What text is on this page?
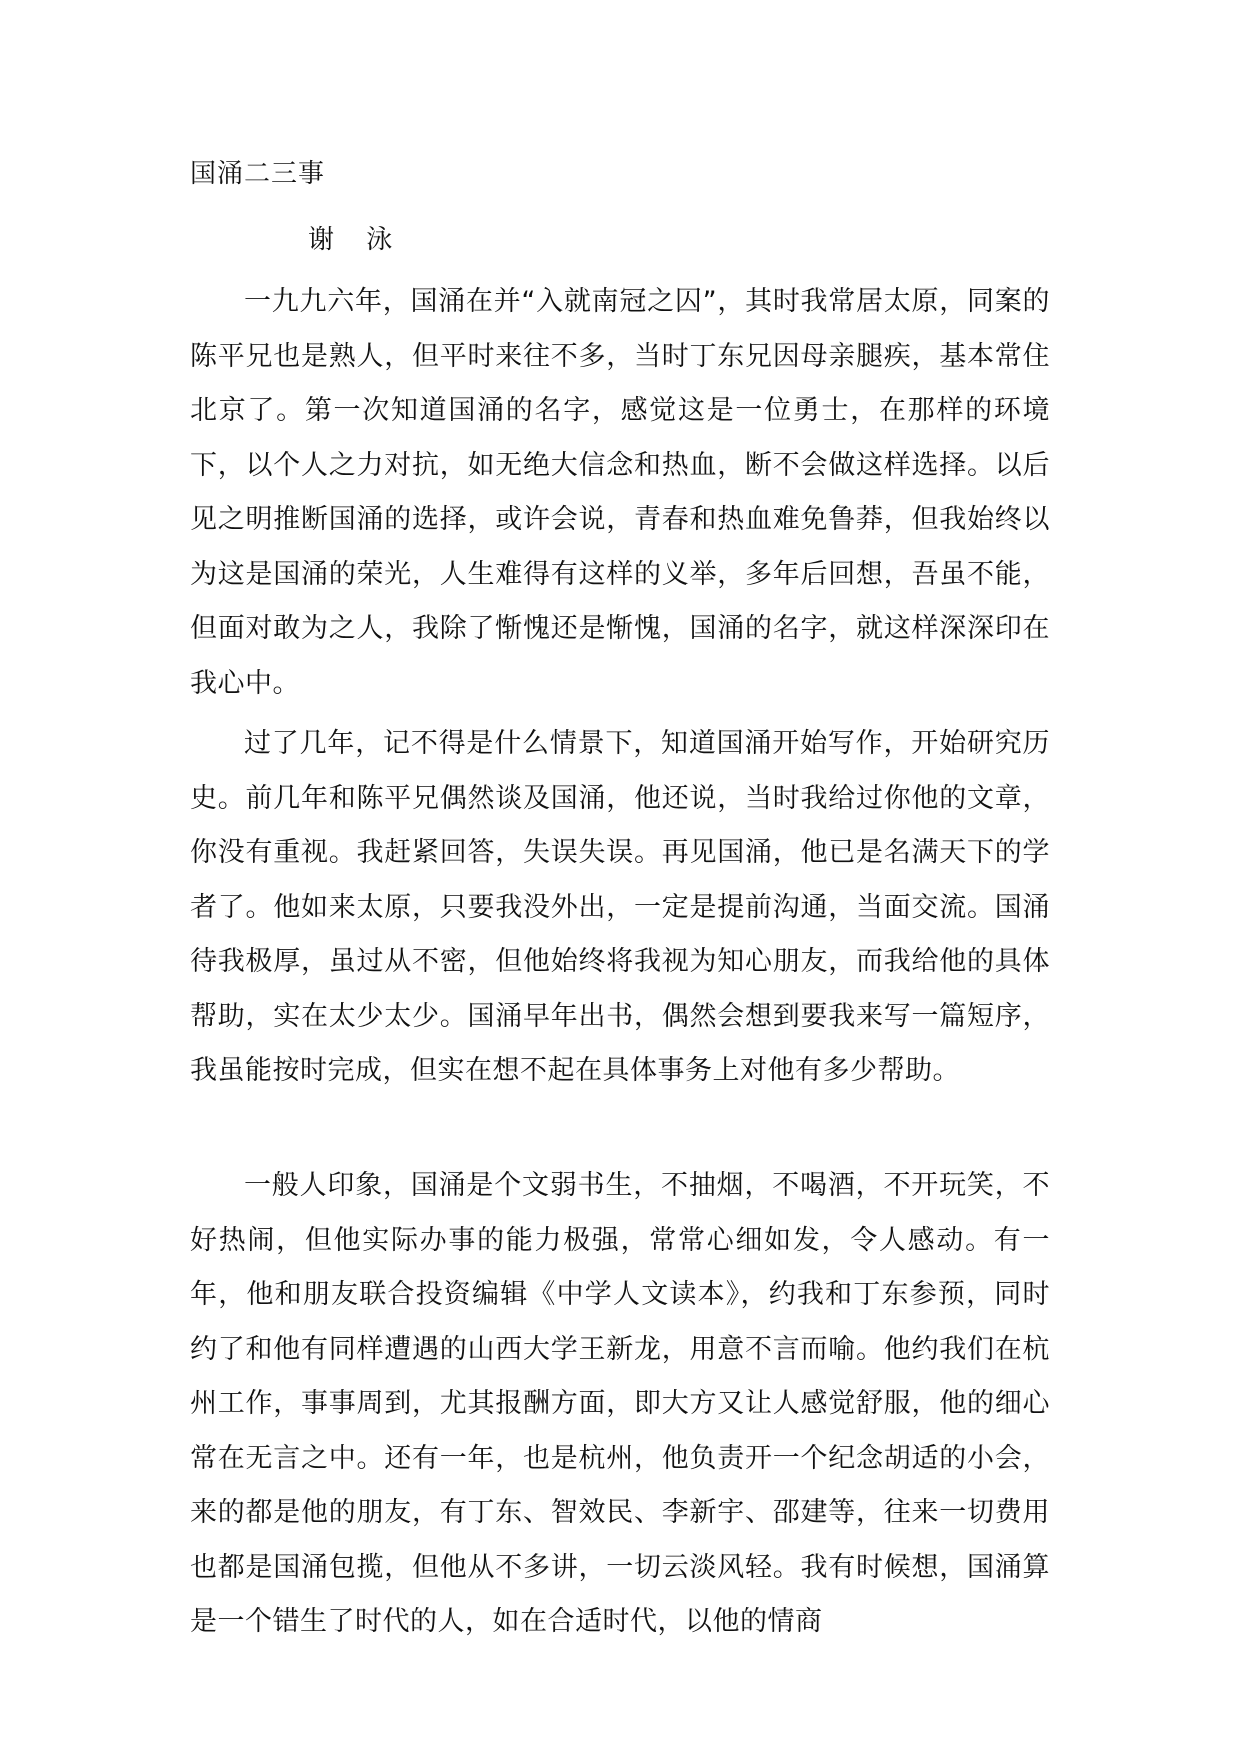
国涌二三事
谢 泳

一九九六年，国涌在并“入就南冠之囚”，其时我常居太原，同案的陈平兄也是熟人，但平时来往不多，当时丁东兄因母亲腿疾，基本常住北京了。第一次知道国涌的名字，感觉这是一位勇士，在那样的环境下，以个人之力对抗，如无绝大信念和热血，断不会做这样选择。以后见之明推断国涌的选择，或许会说，青春和热血难免鲁莽，但我始终以为这是国涌的荣光，人生难得有这样的义举，多年后回想，吾虽不能，但面对敢为之人，我除了惭愧还是惭愧，国涌的名字，就这样深深印在我心中。

过了几年，记不得是什么情景下，知道国涌开始写作，开始研究历史。前几年和陈平兄偶然谈及国涌，他还说，当时我给过你他的文章，你没有重视。我赶紧回答，失误失误。再见国涌，他已是名满天下的学者了。他如来太原，只要我没外出，一定是提前沟通，当面交流。国涌待我极厚，虽过从不密，但他始终将我视为知心朋友，而我给他的具体帮助，实在太少太少。国涌早年出书，偶然会想到要我来写一篇短序，我虽能按时完成，但实在想不起在具体事务上对他有多少帮助。

一般人印象，国涌是个文弱书生，不抽烟，不喝酒，不开玩笑，不好热闹，但他实际办事的能力极强，常常心细如发，令人感动。有一年，他和朋友联合投资编辑《中学人文读本》，约我和丁东参预，同时约了和他有同样遭遇的山西大学王新龙，用意不言而喻。他约我们在杭州工作，事事周到，尤其报酬方面，即大方又让人感觉舒服，他的细心常在无言之中。还有一年，也是杭州，他负责开一个纪念胡适的小会，来的都是他的朋友，有丁东、智效民、李新宇、邵建等，往来一切费用也都是国涌包揽，但他从不多讲，一切云淡风轻。我有时候想，国涌算是一个错生了时代的人，如在合适时代，以他的情商
